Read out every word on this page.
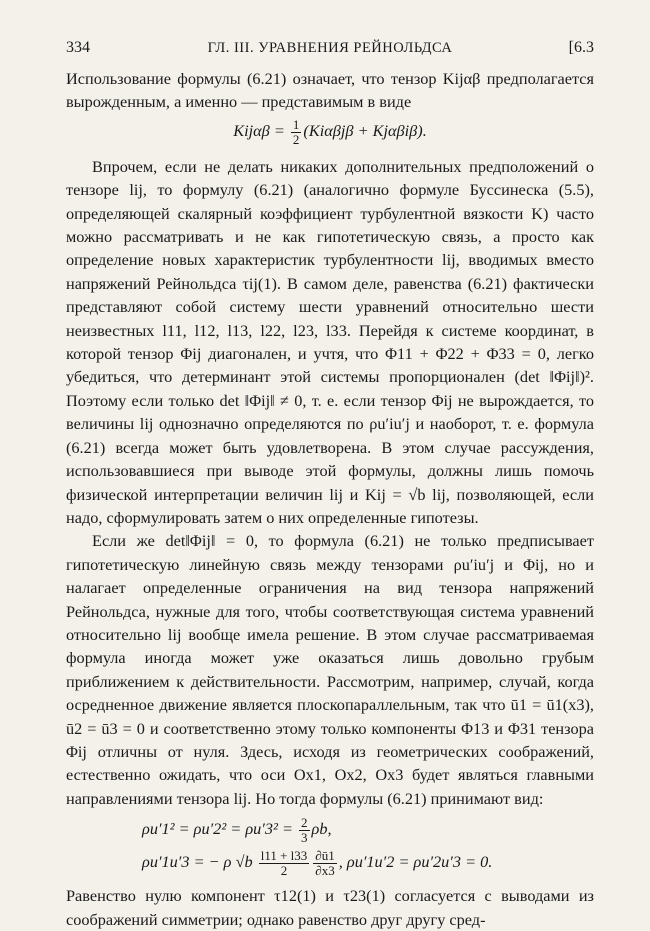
334	ГЛ. III. УРАВНЕНИЯ РЕЙНОЛЬДСА	[6.3

Использование формулы (6.21) означает, что тензор Kijαβ предполагается вырожденным, а именно — представимым в виде

$Kij\alpha\beta = \frac{1}{2} (Ki\alpha\beta j\beta + Kj\alpha\beta i\beta)$.

Впрочем, если не делать никаких дополнительных предположений о тензоре lij, то формулу (6.21) (аналогично формуле Буссинеска (5.5), определяющей скалярный коэффициент турбулентной вязкости K) часто можно рассматривать и не как гипотетическую связь, а просто как определение новых характеристик турбулентности lij, вводимых вместо напряжений Рейнольдса τij(1). В самом деле, равенства (6.21) фактически представляют собой систему шести уравнений относительно шести неизвестных l11, l12, l13, l22, l23, l33. Перейдя к системе координат, в которой тензор Φij диагонален, и учтя, что Φ11 + Φ22 + Φ33 = 0, легко убедиться, что детерминант этой системы пропорционален (det ‖Φij‖)². Поэтому если только det ‖Φij‖ ≠ 0, т. е. если тензор Φij не вырождается, то величины lij однозначно определяются по ρu′iu′j и наоборот, т. е. формула (6.21) всегда может быть удовлетворена. В этом случае рассуждения, использовавшиеся при выводе этой формулы, должны лишь помочь физической интерпретации величин lij и Kij = √b lij, позволяющей, если надо, сформулировать затем о них определенные гипотезы.

Если же det‖Φij‖ = 0, то формула (6.21) не только предписывает гипотетическую линейную связь между тензорами ρu′iu′j и Φij, но и налагает определенные ограничения на вид тензора напряжений Рейнольдса, нужные для того, чтобы соответствующая система уравнений относительно lij вообще имела решение. В этом случае рассматриваемая формула иногда может уже оказаться лишь довольно грубым приближением к действительности. Рассмотрим, например, случай, когда осредненное движение является плоскопараллельным, так что ū1 = ū1(x3), ū2 = ū3 = 0 и соответственно этому только компоненты Φ13 и Φ31 тензора Φij отличны от нуля. Здесь, исходя из геометрических соображений, естественно ожидать, что оси Ox1, Ox2, Ox3 будет являться главными направлениями тензора lij. Но тогда формулы (6.21) принимают вид:

$\rho u'1^2 = \rho u'2^2 = \rho u'3^2 = \frac{2}{3} \rho b$,
ρu′1u′3 = − ρ $√b \frac{l11 + l33}{2} \frac{\partial ū1}{\partial x3}$ , ρu′1u′2 = ρu′2u′3 = 0.

Равенство нулю компонент τ12(1) и τ23(1) согласуется с выводами из соображений симметрии; однако равенство друг другу сред-
